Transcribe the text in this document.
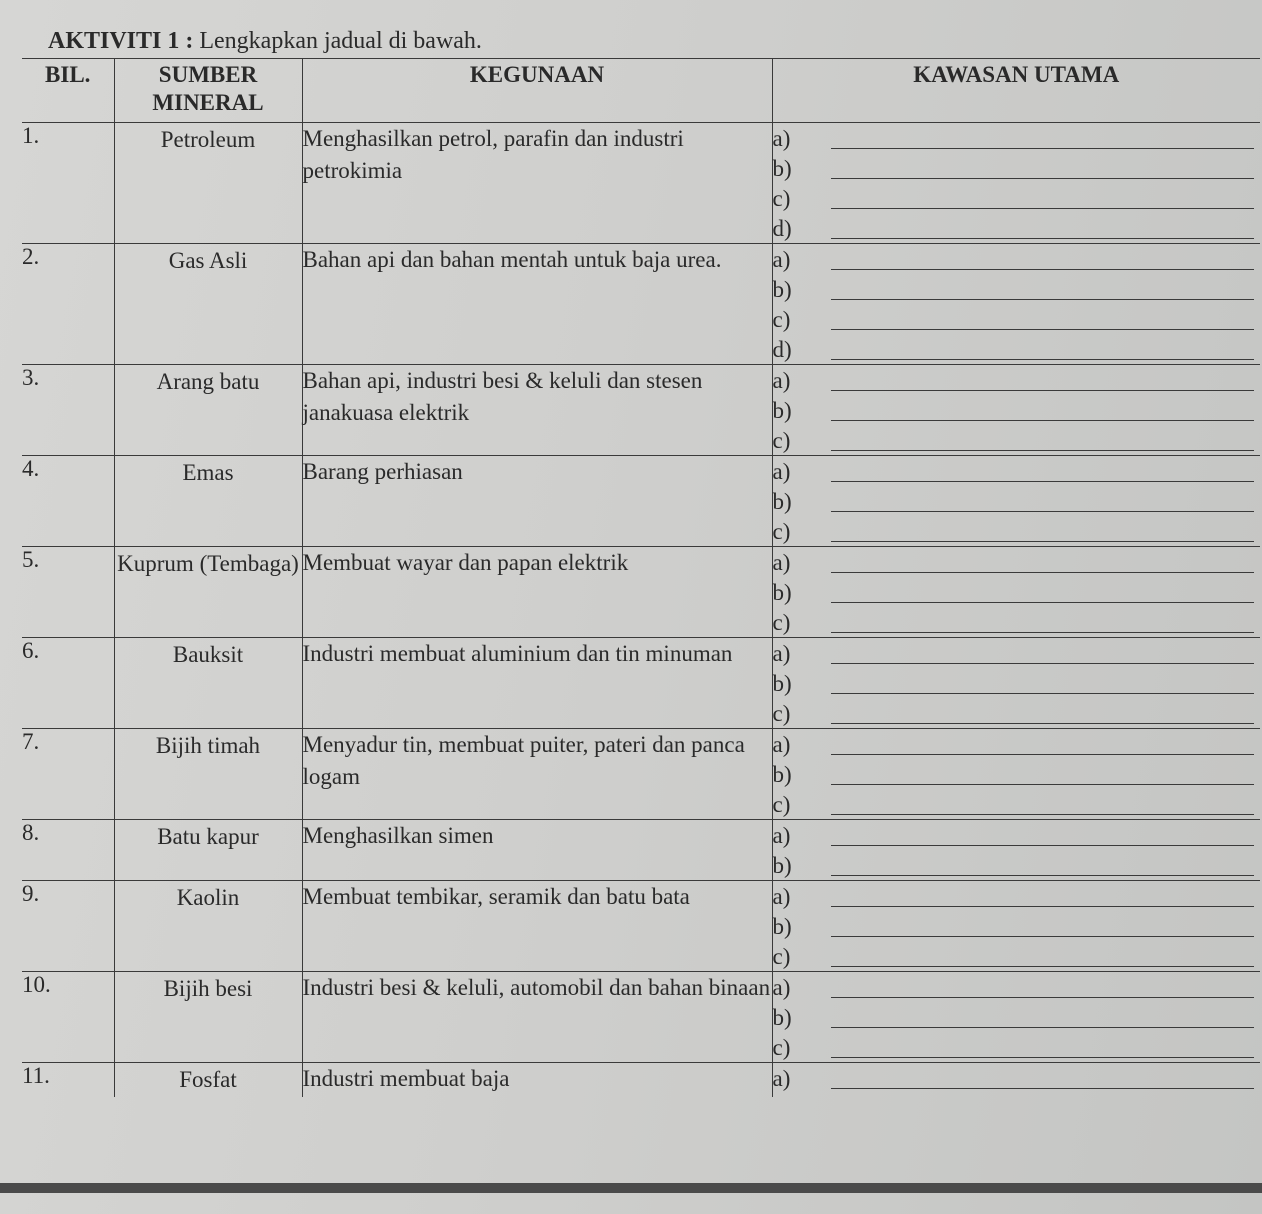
AKTIVITI 1 : Lengkapkan jadual di bawah.
BIL.	SUMBER MINERAL	KEGUNAAN	KAWASAN UTAMA
1.	Petroleum	Menghasilkan petrol, parafin dan industri petrokimia	a)
b)
c)
d)

2.	Gas Asli	Bahan api dan bahan mentah untuk baja urea.	a)
b)
c)
d)

3.	Arang batu	Bahan api, industri besi & keluli dan stesen janakuasa elektrik	a)
b)
c)

4.	Emas	Barang perhiasan	a)
b)
c)

5.	Kuprum (Tembaga)	Membuat wayar dan papan elektrik	a)
b)
c)

6.	Bauksit	Industri membuat aluminium dan tin minuman	a)
b)
c)

7.	Bijih timah	Menyadur tin, membuat puiter, pateri dan panca logam	a)
b)
c)

8.	Batu kapur	Menghasilkan simen	a)
b)

9.	Kaolin	Membuat tembikar, seramik dan batu bata	a)
b)
c)

10.	Bijih besi	Industri besi & keluli, automobil dan bahan binaan	a)
b)
c)

11.	Fosfat	Industri membuat baja	a)
